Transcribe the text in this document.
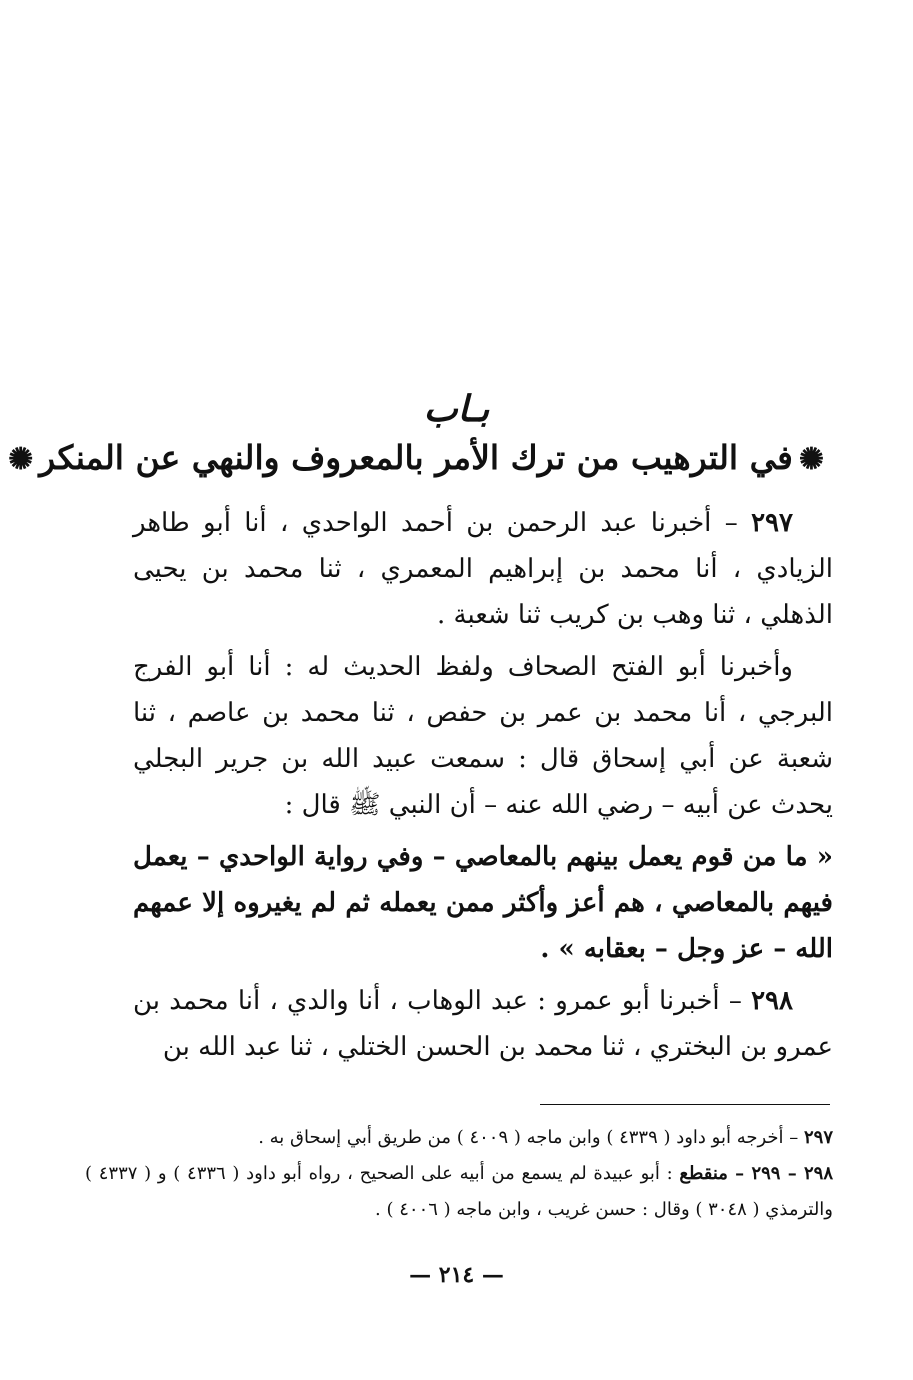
بـاب
✺في الترهيب من ترك الأمر بالمعروف والنهي عن المنكر✺

٢٩٧ – أخبرنا عبد الرحمن بن أحمد الواحدي ، أنا أبو طاهر الزيادي ، أنا محمد بن إبراهيم المعمري ، ثنا محمد بن يحيى الذهلي ، ثنا وهب بن كريب ثنا شعبة .

وأخبرنا أبو الفتح الصحاف ولفظ الحديث له : أنا أبو الفرج البرجي ، أنا محمد بن عمر بن حفص ، ثنا محمد بن عاصم ، ثنا شعبة عن أبي إسحاق قال : سمعت عبيد الله بن جرير البجلي يحدث عن أبيه – رضي الله عنه – أن النبي ﷺ قال :

« ما من قوم يعمل بينهم بالمعاصي – وفي رواية الواحدي – يعمل فيهم بالمعاصي ، هم أعز وأكثر ممن يعمله ثم لم يغيروه إلا عمهم الله – عز وجل – بعقابه » .

٢٩٨ – أخبرنا أبو عمرو : عبد الوهاب ، أنا والدي ، أنا محمد بن عمرو بن البختري ، ثنا محمد بن الحسن الختلي ، ثنا عبد الله بن

٢٩٧ – أخرجه أبو داود ( ٤٣٣٩ ) وابن ماجه ( ٤٠٠٩ ) من طريق أبي إسحاق به .

٢٩٨ – ٢٩٩ – منقطع : أبو عبيدة لم يسمع من أبيه على الصحيح ، رواه أبو داود ( ٤٣٣٦ ) و ( ٤٣٣٧ ) والترمذي ( ٣٠٤٨ ) وقال : حسن غريب ، وابن ماجه ( ٤٠٠٦ ) .

— ٢١٤ —
